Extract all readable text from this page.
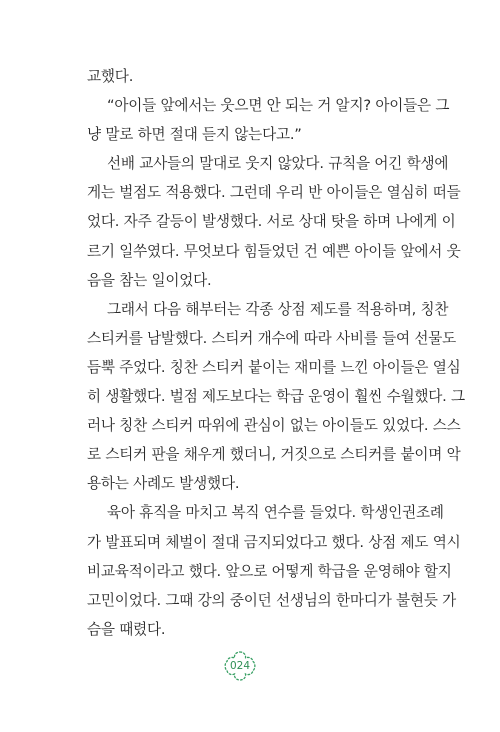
교했다.
“아이들 앞에서는 웃으면 안 되는 거 알지? 아이들은 그
냥 말로 하면 절대 듣지 않는다고.”
선배 교사들의 말대로 웃지 않았다. 규칙을 어긴 학생에
게는 벌점도 적용했다. 그런데 우리 반 아이들은 열심히 떠들
었다. 자주 갈등이 발생했다. 서로 상대 탓을 하며 나에게 이
르기 일쑤였다. 무엇보다 힘들었던 건 예쁜 아이들 앞에서 웃
음을 참는 일이었다.
그래서 다음 해부터는 각종 상점 제도를 적용하며, 칭찬
스티커를 남발했다. 스티커 개수에 따라 사비를 들여 선물도
듬뿍 주었다. 칭찬 스티커 붙이는 재미를 느낀 아이들은 열심
히 생활했다. 벌점 제도보다는 학급 운영이 훨씬 수월했다. 그
러나 칭찬 스티커 따위에 관심이 없는 아이들도 있었다. 스스
로 스티커 판을 채우게 했더니, 거짓으로 스티커를 붙이며 악
용하는 사례도 발생했다.
육아 휴직을 마치고 복직 연수를 들었다. 학생인권조례
가 발표되며 체벌이 절대 금지되었다고 했다. 상점 제도 역시
비교육적이라고 했다. 앞으로 어떻게 학급을 운영해야 할지
고민이었다. 그때 강의 중이던 선생님의 한마디가 불현듯 가
슴을 때렸다.
024
